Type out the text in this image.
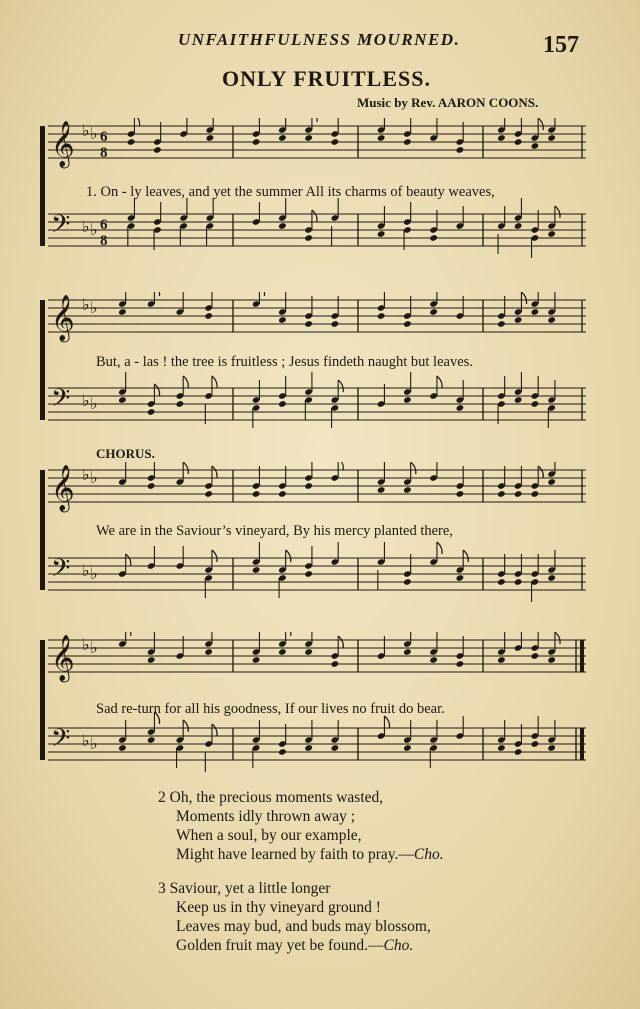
UNFAITHFULNESS MOURNED.	157
ONLY FRUITLESS.
Music by Rev. AARON COONS.
𝄞 ♭ ♭ 6
8
𝄢 ♭ ♭ 6
8
1. On - ly leaves, and yet the summer All its charms of beauty weaves,
𝄞 ♭ ♭
𝄢 ♭ ♭
But, a - las ! the tree is fruitless ; Jesus findeth naught but leaves.
CHORUS.
𝄞 ♭ ♭
𝄢 ♭ ♭
We are in the Saviour’s vineyard, By his mercy planted there,
𝄞 ♭ ♭
𝄢 ♭ ♭
Sad re-turn for all his goodness, If our lives no fruit do bear.
2 Oh, the precious moments wasted,
Moments idly thrown away ;
When a soul, by our example,
Might have learned by faith to pray.—Cho.
3 Saviour, yet a little longer
Keep us in thy vineyard ground !
Leaves may bud, and buds may blossom,
Golden fruit may yet be found.—Cho.
